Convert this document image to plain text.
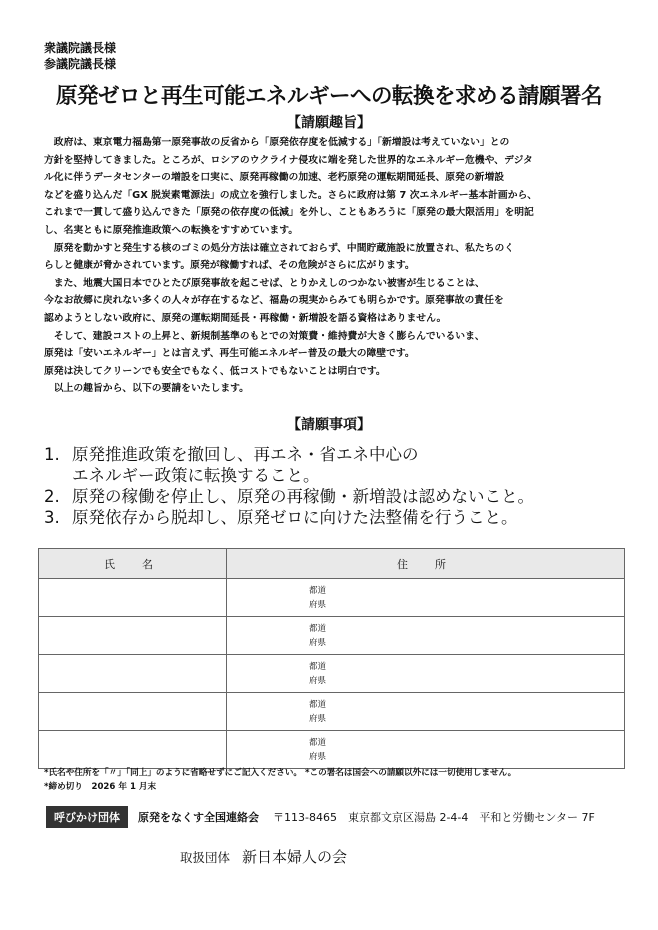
衆議院議長様
参議院議長様
原発ゼロと再生可能エネルギーへの転換を求める請願署名
【請願趣旨】

　政府は、東京電力福島第一原発事故の反省から「原発依存度を低減する」「新増設は考えていない」との

方針を堅持してきました。ところが、ロシアのウクライナ侵攻に端を発した世界的なエネルギー危機や、デジタ

ル化に伴うデータセンターの増設を口実に、原発再稼働の加速、老朽原発の運転期間延長、原発の新増設

などを盛り込んだ「GX 脱炭素電源法」の成立を強行しました。さらに政府は第 7 次エネルギー基本計画から、

これまで一貫して盛り込んできた「原発の依存度の低減」を外し、こともあろうに「原発の最大限活用」を明記

し、名実ともに原発推進政策への転換をすすめています。

　原発を動かすと発生する核のゴミの処分方法は確立されておらず、中間貯蔵施設に放置され、私たちのく

らしと健康が脅かされています。原発が稼働すれば、その危険がさらに広がります。

　また、地震大国日本でひとたび原発事故を起こせば、とりかえしのつかない被害が生じることは、

今なお故郷に戻れない多くの人々が存在するなど、福島の現実からみても明らかです。原発事故の責任を

認めようとしない政府に、原発の運転期間延長・再稼働・新増設を語る資格はありません。

　そして、建設コストの上昇と、新規制基準のもとでの対策費・維持費が大きく膨らんでいるいま、

原発は「安いエネルギー」とは言えず、再生可能エネルギー普及の最大の障壁です。

原発は決してクリーンでも安全でもなく、低コストでもないことは明白です。

　以上の趣旨から、以下の要請をいたします。

【請願事項】
1. 原発推進政策を撤回し、再エネ・省エネ中心の
エネルギー政策に転換すること。
2. 原発の稼働を停止し、原発の再稼働・新増設は認めないこと。
3. 原発依存から脱却し、原発ゼロに向けた法整備を行うこと。
氏　名	住　所

	都道
府県

	都道
府県

	都道
府県

	都道
府県

	都道
府県
*氏名や住所を「〃」「同上」のように省略せずにご記入ください。 *この署名は国会への請願以外には一切使用しません。
*締め切り　2026 年 1 月末
呼びかけ団体	原発をなくす全国連絡会 〒113-8465　東京都文京区湯島 2-4-4　平和と労働センター 7F
取扱団体 新日本婦人の会
